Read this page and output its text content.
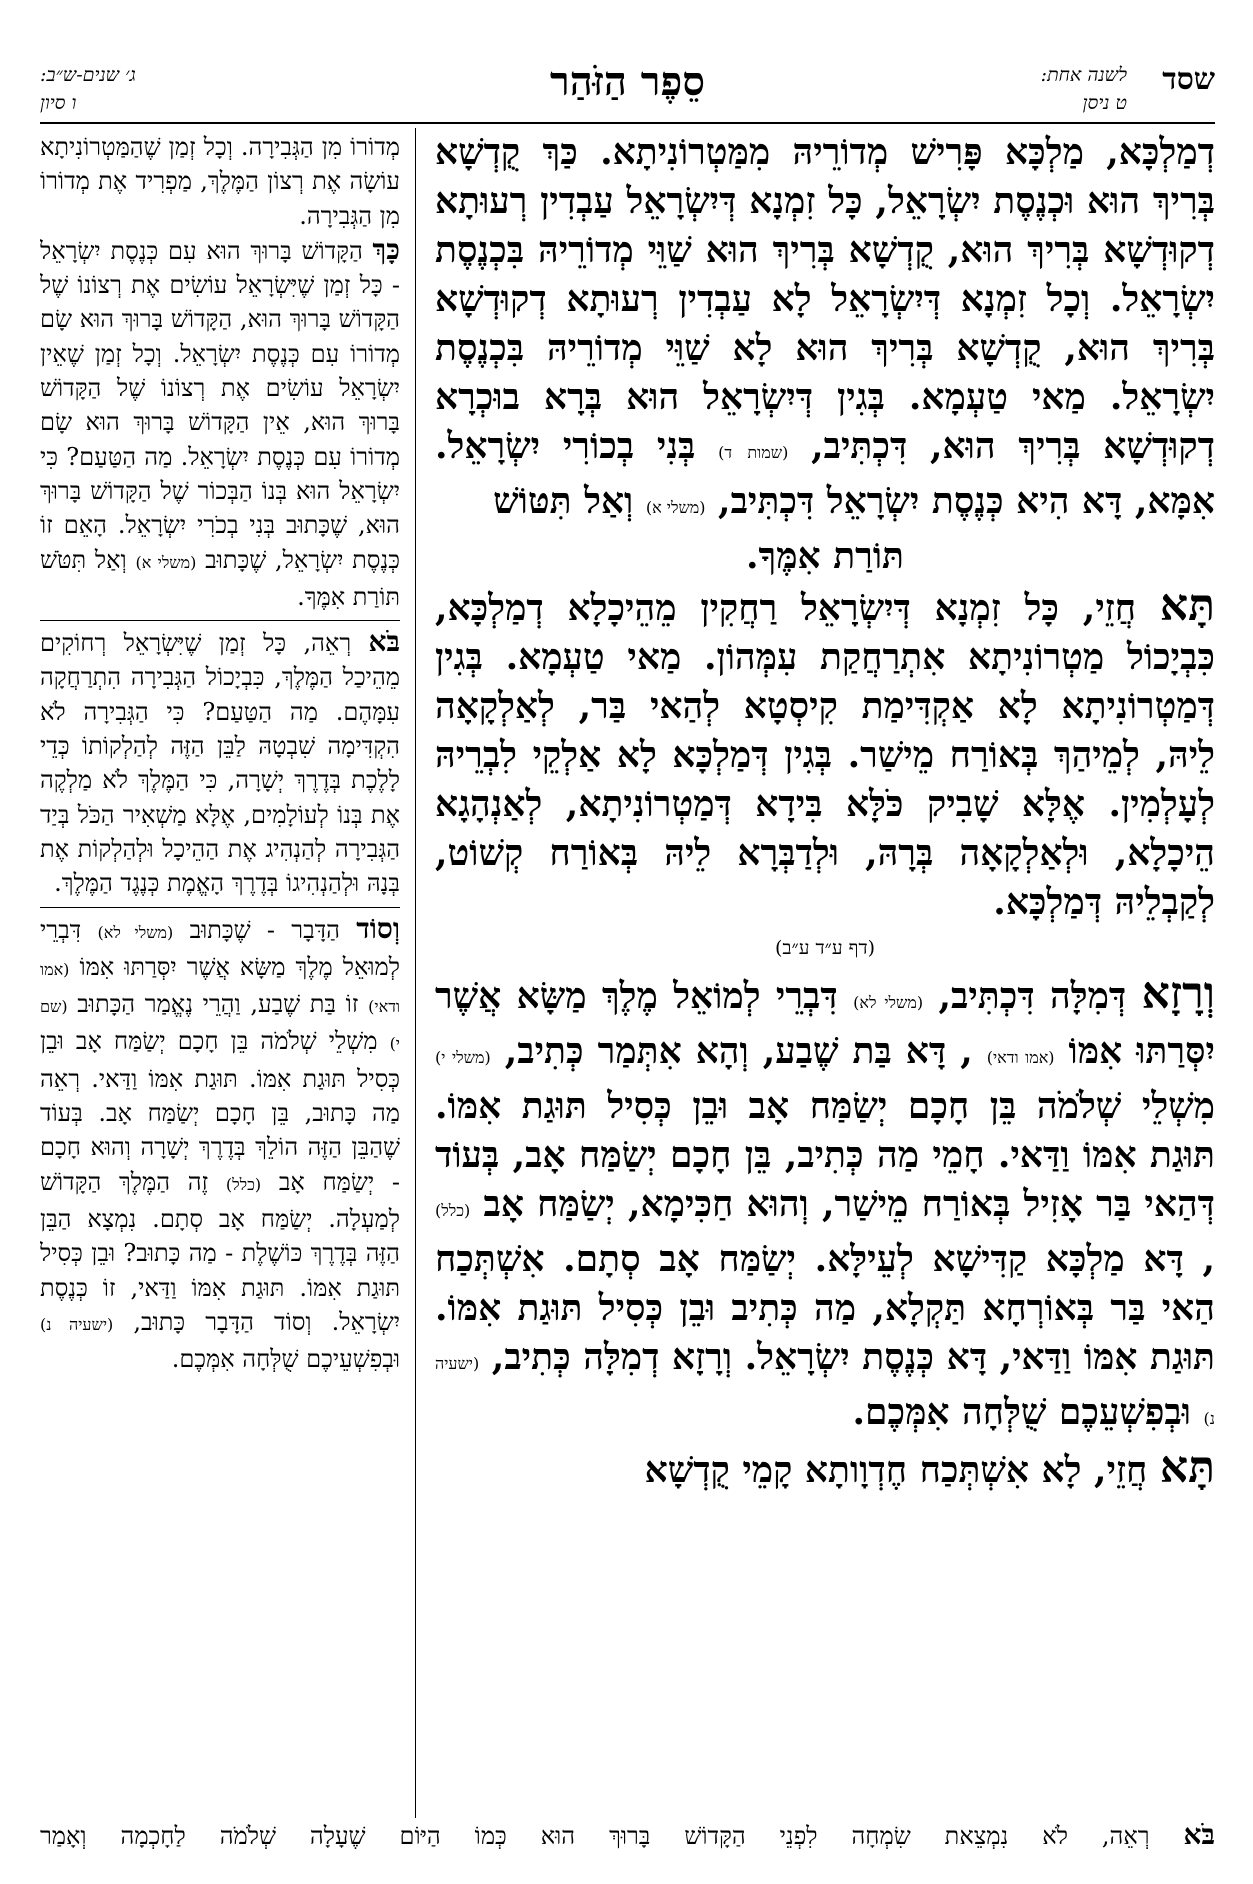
שסד
לשנה אחת:
ט ניסן
סֵפֶר הַזֹּהַר
ג׳ שנים-ש״ב:
ו סיון

דְמַלְכָּא, מַלְכָּא פָּרִישׁ מְדוֹרֵיהּ מִמַּטְרוֹנִיתָא. כַּךְ קֻדְשָׁא בְּרִיךְ הוּא וּכְנֶסֶת יִשְׂרָאֵל, כָּל זִמְנָא דְּיִשְׂרָאֵל עַבְדִין רְעוּתָא דְקוּדְשָׁא בְּרִיךְ הוּא, קֻדְשָׁא בְּרִיךְ הוּא שַׁוֵּי מְדוֹרֵיהּ בִּכְנֶסֶת יִשְׂרָאֵל. וְכָל זִמְנָא דְּיִשְׂרָאֵל לָא עַבְדִין רְעוּתָא דְקוּדְשָׁא בְּרִיךְ הוּא, קֻדְשָׁא בְּרִיךְ הוּא לָא שַׁוֵּי מְדוֹרֵיהּ בִּכְנֶסֶת יִשְׂרָאֵל. מַאי טַעְמָא. בְּגִין דְּיִשְׂרָאֵל הוּא בְּרָא בוּכְרָא דְקוּדְשָׁא בְּרִיךְ הוּא, דִּכְתִּיב, (שמות ד) בְּנִי בְכוֹרִי יִשְׂרָאֵל. אִמָּא, דָּא הִיא כְּנֶסֶת יִשְׂרָאֵל דִּכְתִּיב, (משלי א) וְאַל תִּטּוֹשׁ

תּוֹרַת אִמֶּךָ.

תָּא חֲזֵי, כָּל זִמְנָא דְּיִשְׂרָאֵל רַחֲקִין מֵהֵיכָלָא דְמַלְכָּא, כִּבְיָכוֹל מַטְרוֹנִיתָא אִתְרַחֲקַת עִמְּהוֹן. מַאי טַעְמָא. בְּגִין דְּמַטְרוֹנִיתָא לָא אַקְדִּימַת קִיסְטָא לְהַאי בַּר, לְאַלְקָאָה לֵיהּ, לְמֵיהַךְ בְּאוֹרַח מֵישַׁר. בְּגִין דְּמַלְכָּא לָא אַלְקֵי לִבְרֵיהּ לְעָלְמִין. אֶלָּא שָׁבִיק כֹּלָּא בִּידָא דְּמַטְרוֹנִיתָא, לְאַנְהָגָא הֵיכָלָא, וּלְאַלְקָאָה בְּרָהּ, וּלְדַבְּרָא לֵיהּ בְּאוֹרַח קְשׁוֹט, לְקַבְלֵיהּ דְּמַלְכָּא.

(דף ע״ד ע״ב)

וְרָזָא דְּמִלָּה דִּכְתִּיב, (משלי לא) דִּבְרֵי לְמוֹאֵל מֶלֶךְ מַשָּׂא אֲשֶׁר יִסְּרַתּוּ אִמּוֹ (אמו ודאי) , דָּא בַּת שֶׁבַע, וְהָא אִתְּמַר כְּתִיב, (משלי י) מִשְׁלֵי שְׁלֹמֹה בֵּן חָכָם יְשַׂמַּח אָב וּבֵן כְּסִיל תּוּגַת אִמּוֹ. תּוּגַת אִמּוֹ וַדַּאי. חָמֵי מַה כְּתִיב, בֵּן חָכָם יְשַׂמַּח אָב, בְּעוֹד דְּהַאי בַּר אָזִיל בְּאוֹרַח מֵישַׁר, וְהוּא חַכִּימָא, יְשַׂמַּח אָב (כלל) , דָּא מַלְכָּא קַדִּישָׁא לְעֵילָּא. יְשַׂמַּח אָב סְתָם. אִשְׁתְּכַח הַאי בַּר בְּאוֹרְחָא תַּקְלָא, מַה כְּתִיב וּבֵן כְּסִיל תּוּגַת אִמּוֹ. תּוּגַת אִמּוֹ וַדַּאי, דָּא כְּנֶסֶת יִשְׂרָאֵל. וְרָזָא דְמִלָּה כְּתִיב, (ישעיה נ) וּבְפִשְׁעֵכֶם שֻׁלְּחָה אִמְּכֶם.

תָּא חֲזֵי, לָא אִשְׁתְּכַח חֶדְוָותָא קָמֵי קֻדְשָׁא

מְדוֹרוֹ מִן הַגְּבִירָה. וְכָל זְמַן שֶׁהַמַּטְרוֹנִיתָא עוֹשָׂה אֶת רְצוֹן הַמֶּלֶךְ, מַפְרִיד אֶת מְדוֹרוֹ מִן הַגְּבִירָה.

כָּךְ הַקָּדוֹשׁ בָּרוּךְ הוּא עִם כְּנֶסֶת יִשְׂרָאֵל - כָּל זְמַן שֶׁיִּשְׂרָאֵל עוֹשִׂים אֶת רְצוֹנוֹ שֶׁל הַקָּדוֹשׁ בָּרוּךְ הוּא, הַקָּדוֹשׁ בָּרוּךְ הוּא שָׂם מְדוֹרוֹ עִם כְּנֶסֶת יִשְׂרָאֵל. וְכָל זְמַן שֶׁאֵין יִשְׂרָאֵל עוֹשִׂים אֶת רְצוֹנוֹ שֶׁל הַקָּדוֹשׁ בָּרוּךְ הוּא, אֵין הַקָּדוֹשׁ בָּרוּךְ הוּא שָׂם מְדוֹרוֹ עִם כְּנֶסֶת יִשְׂרָאֵל. מַה הַטַּעַם? כִּי יִשְׂרָאֵל הוּא בְּנוֹ הַבְּכוֹר שֶׁל הַקָּדוֹשׁ בָּרוּךְ הוּא, שֶׁכָּתוּב בְּנִי בְכֹרִי יִשְׂרָאֵל. הָאֵם זוֹ כְּנֶסֶת יִשְׂרָאֵל, שֶׁכָּתוּב (משלי א) וְאַל תִּטֹּשׁ תּוֹרַת אִמֶּךָ.

בֹּא רְאֵה, כָּל זְמַן שֶׁיִּשְׂרָאֵל רְחוֹקִים מֵהֵיכַל הַמֶּלֶךְ, כִּבְיָכוֹל הַגְּבִירָה הִתְרַחֲקָה עִמָּהֶם. מַה הַטַּעַם? כִּי הַגְּבִירָה לֹא הִקְדִּימָה שִׁבְטָהּ לַבֵּן הַזֶּה לְהַלְקוֹתוֹ כְּדֵי לָלֶכֶת בְּדֶרֶךְ יְשָׁרָה, כִּי הַמֶּלֶךְ לֹא מַלְקֶה אֶת בְּנוֹ לְעוֹלָמִים, אֶלָּא מַשְׁאִיר הַכֹּל בְּיַד הַגְּבִירָה לְהַנְהִיג אֶת הַהֵיכָל וּלְהַלְקוֹת אֶת בְּנָהּ וּלְהַנְהִיגוֹ בְּדֶרֶךְ הָאֱמֶת כְּנֶגֶד הַמֶּלֶךְ.

וְסוֹד הַדָּבָר - שֶׁכָּתוּב (משלי לא) דִּבְרֵי לְמוּאֵל מֶלֶךְ מַשָּׂא אֲשֶׁר יִסְּרַתּוּ אִמּוֹ (אמו ודאי) זוֹ בַּת שֶׁבַע, וַהֲרֵי נֶאֱמַר הַכָּתוּב (שם י) מִשְׁלֵי שְׁלֹמֹה בֵּן חָכָם יְשַׂמַּח אָב וּבֵן כְּסִיל תּוּגַת אִמּוֹ. תּוּגַת אִמּוֹ וַדַּאי. רְאֵה מַה כָּתוּב, בֵּן חָכָם יְשַׂמַּח אָב. בְּעוֹד שֶׁהַבֵּן הַזֶּה הוֹלֵךְ בְּדֶרֶךְ יְשָׁרָה וְהוּא חָכָם - יְשַׂמַּח אָב (כלל) זֶה הַמֶּלֶךְ הַקָּדוֹשׁ לְמַעְלָה. יְשַׂמַּח אָב סְתָם. נִמְצָא הַבֵּן הַזֶּה בְּדֶרֶךְ כּוֹשֶׁלֶת - מַה כָּתוּב? וּבֵן כְּסִיל תּוּגַת אִמּוֹ. תּוּגַת אִמּוֹ וַדַּאי, זוֹ כְּנֶסֶת יִשְׂרָאֵל. וְסוֹד הַדָּבָר כָּתוּב, (ישעיה נ) וּבְפִשְׁעֵיכֶם שֻׁלְּחָה אִמְּכֶם.

בֹּא רְאֵה, לֹא נִמְצֵאת שִׂמְחָה לִפְנֵי הַקָּדוֹשׁ בָּרוּךְ הוּא כְּמוֹ הַיּוֹם שֶׁעָלָה שְׁלֹמֹה לַחָכְמָה וְאָמַר
